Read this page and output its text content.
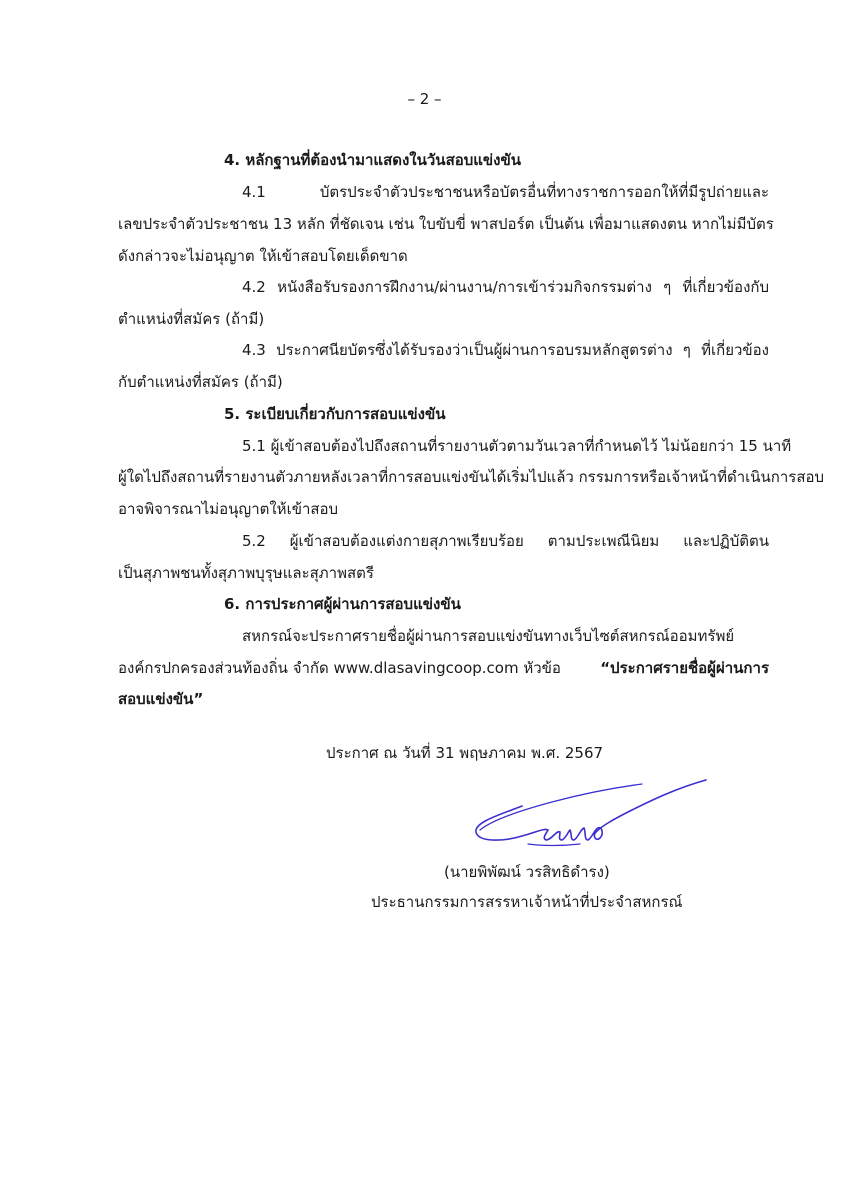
– 2 –
4. หลักฐานที่ต้องนำมาแสดงในวันสอบแข่งขัน
4.1 บัตรประจำตัวประชาชนหรือบัตรอื่นที่ทางราชการออกให้ที่มีรูปถ่ายและ
เลขประจำตัวประชาชน 13 หลัก ที่ชัดเจน เช่น ใบขับขี่ พาสปอร์ต เป็นต้น เพื่อมาแสดงตน หากไม่มีบัตร
ดังกล่าวจะไม่อนุญาต ให้เข้าสอบโดยเด็ดขาด
4.2 หนังสือรับรองการฝึกงาน/ผ่านงาน/การเข้าร่วมกิจกรรมต่าง ๆ ที่เกี่ยวข้องกับ
ตำแหน่งที่สมัคร (ถ้ามี)
4.3 ประกาศนียบัตรซึ่งได้รับรองว่าเป็นผู้ผ่านการอบรมหลักสูตรต่าง ๆ ที่เกี่ยวข้อง
กับตำแหน่งที่สมัคร (ถ้ามี)
5. ระเบียบเกี่ยวกับการสอบแข่งขัน
5.1 ผู้เข้าสอบต้องไปถึงสถานที่รายงานตัวตามวันเวลาที่กำหนดไว้ ไม่น้อยกว่า 15 นาที
ผู้ใดไปถึงสถานที่รายงานตัวภายหลังเวลาที่การสอบแข่งขันได้เริ่มไปแล้ว กรรมการหรือเจ้าหน้าที่ดำเนินการสอบ
อาจพิจารณาไม่อนุญาตให้เข้าสอบ
5.2 ผู้เข้าสอบต้องแต่งกายสุภาพเรียบร้อย ตามประเพณีนิยม และปฏิบัติตน
เป็นสุภาพชนทั้งสุภาพบุรุษและสุภาพสตรี
6. การประกาศผู้ผ่านการสอบแข่งขัน
สหกรณ์จะประกาศรายชื่อผู้ผ่านการสอบแข่งขันทางเว็บไซต์สหกรณ์ออมทรัพย์
องค์กรปกครองส่วนท้องถิ่น จำกัด www.dlasavingcoop.com หัวข้อ	“ประกาศรายชื่อผู้ผ่านการ
สอบแข่งขัน”
ประกาศ ณ วันที่ 31 พฤษภาคม พ.ศ. 2567
(นายพิพัฒน์ วรสิทธิดำรง)
ประธานกรรมการสรรหาเจ้าหน้าที่ประจำสหกรณ์
